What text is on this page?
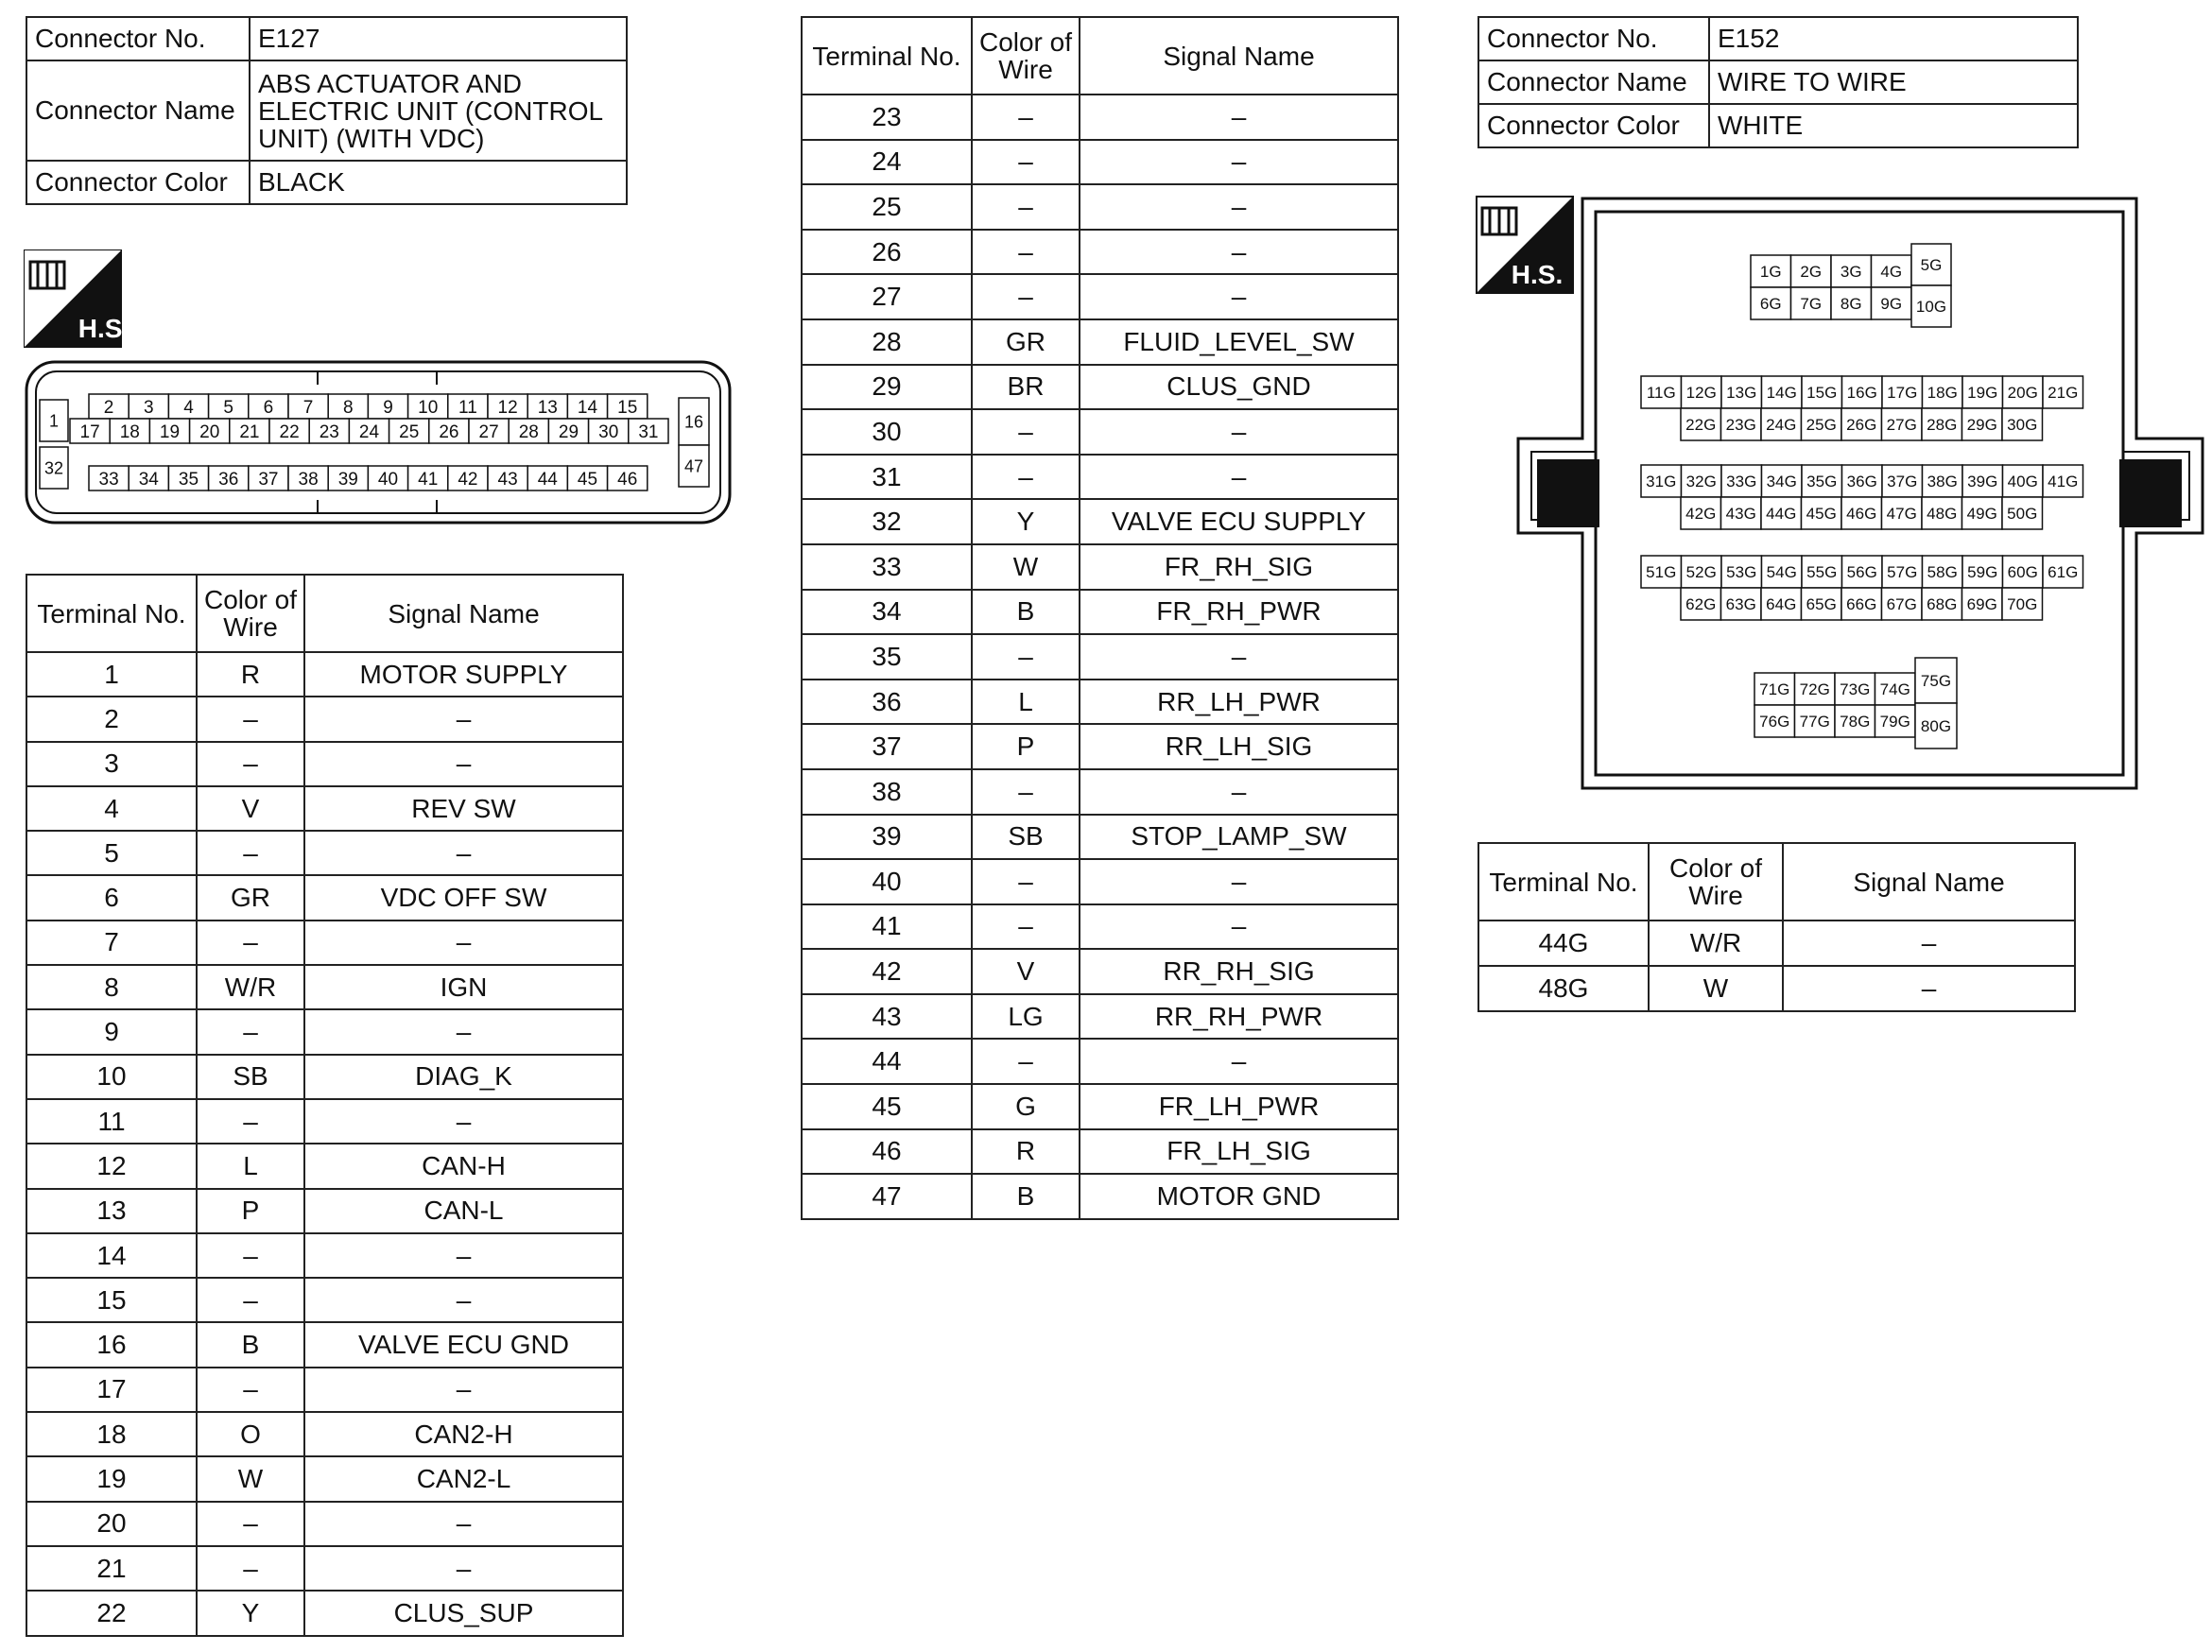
Connector No.	E127
Connector Name	ABS ACTUATOR AND ELECTRIC UNIT (CONTROL UNIT) (WITH VDC)
Connector Color	BLACK
H.S.
1
32
2 3 4 5 6 7 8 9 10 11 12 13 14 15
17 18 19 20 21 22 23 24 25 26 27 28 29 30 31
33 34 35 36 37 38 39 40 41 42 43 44 45 46
16
47
Terminal No.	Color of Wire	Signal Name
1	R	MOTOR SUPPLY
2	–	–
3	–	–
4	V	REV SW
5	–	–
6	GR	VDC OFF SW
7	–	–
8	W/R	IGN
9	–	–
10	SB	DIAG_K
11	–	–
12	L	CAN-H
13	P	CAN-L
14	–	–
15	–	–
16	B	VALVE ECU GND
17	–	–
18	O	CAN2-H
19	W	CAN2-L
20	–	–
21	–	–
22	Y	CLUS_SUP
Terminal No.	Color of Wire	Signal Name
23	–	–
24	–	–
25	–	–
26	–	–
27	–	–
28	GR	FLUID_LEVEL_SW
29	BR	CLUS_GND
30	–	–
31	–	–
32	Y	VALVE ECU SUPPLY
33	W	FR_RH_SIG
34	B	FR_RH_PWR
35	–	–
36	L	RR_LH_PWR
37	P	RR_LH_SIG
38	–	–
39	SB	STOP_LAMP_SW
40	–	–
41	–	–
42	V	RR_RH_SIG
43	LG	RR_RH_PWR
44	–	–
45	G	FR_LH_PWR
46	R	FR_LH_SIG
47	B	MOTOR GND
Connector No.	E152
Connector Name	WIRE TO WIRE
Connector Color	WHITE
H.S.	1G 2G 3G 4G
6G 7G 8G 9G
5G
10G
11G 12G 13G 14G 15G 16G 17G 18G 19G 20G 21G
22G 23G 24G 25G 26G 27G 28G 29G 30G
31G 32G 33G 34G 35G 36G 37G 38G 39G 40G 41G
42G 43G 44G 45G 46G 47G 48G 49G 50G
51G 52G 53G 54G 55G 56G 57G 58G 59G 60G 61G
62G 63G 64G 65G 66G 67G 68G 69G 70G
71G 72G 73G 74G
76G 77G 78G 79G
75G
80G
Terminal No.	Color of Wire	Signal Name
44G	W/R	–
48G	W	–
